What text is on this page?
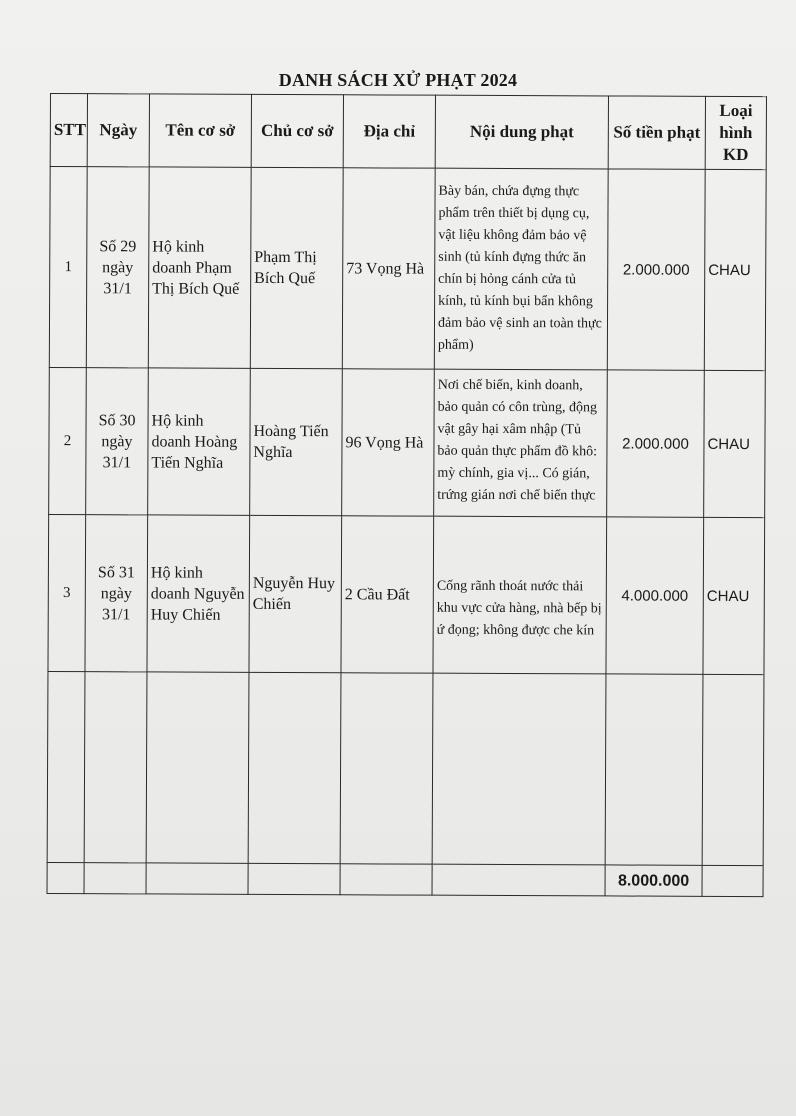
DANH SÁCH XỬ PHẠT 2024
STT	Ngày	Tên cơ sở	Chủ cơ sở	Địa chỉ	Nội dung phạt	Số tiền phạt	Loại hình KD
1	Số 29 ngày 31/1	Hộ kinh doanh Phạm Thị Bích Quế	Phạm Thị Bích Quế	73 Vọng Hà	Bày bán, chứa đựng thực phẩm trên thiết bị dụng cụ, vật liệu không đảm bảo vệ sinh (tủ kính đựng thức ăn chín bị hỏng cánh cửa tủ kính, tủ kính bụi bẩn không đảm bảo vệ sinh an toàn thực phẩm)	2.000.000	CHAU
2	Số 30 ngày 31/1	Hộ kinh doanh Hoàng Tiến Nghĩa	Hoàng Tiến Nghĩa	96 Vọng Hà	Nơi chế biến, kinh doanh, bảo quản có côn trùng, động vật gây hại xâm nhập (Tủ bảo quản thực phẩm đồ khô: mỳ chính, gia vị... Có gián, trứng gián nơi chế biến thực	2.000.000	CHAU
3	Số 31 ngày 31/1	Hộ kinh doanh Nguyễn Huy Chiến	Nguyễn Huy Chiến	2 Cầu Đất	Cống rãnh thoát nước thải khu vực cửa hàng, nhà bếp bị ứ đọng; không được che kín	4.000.000	CHAU

						8.000.000	
